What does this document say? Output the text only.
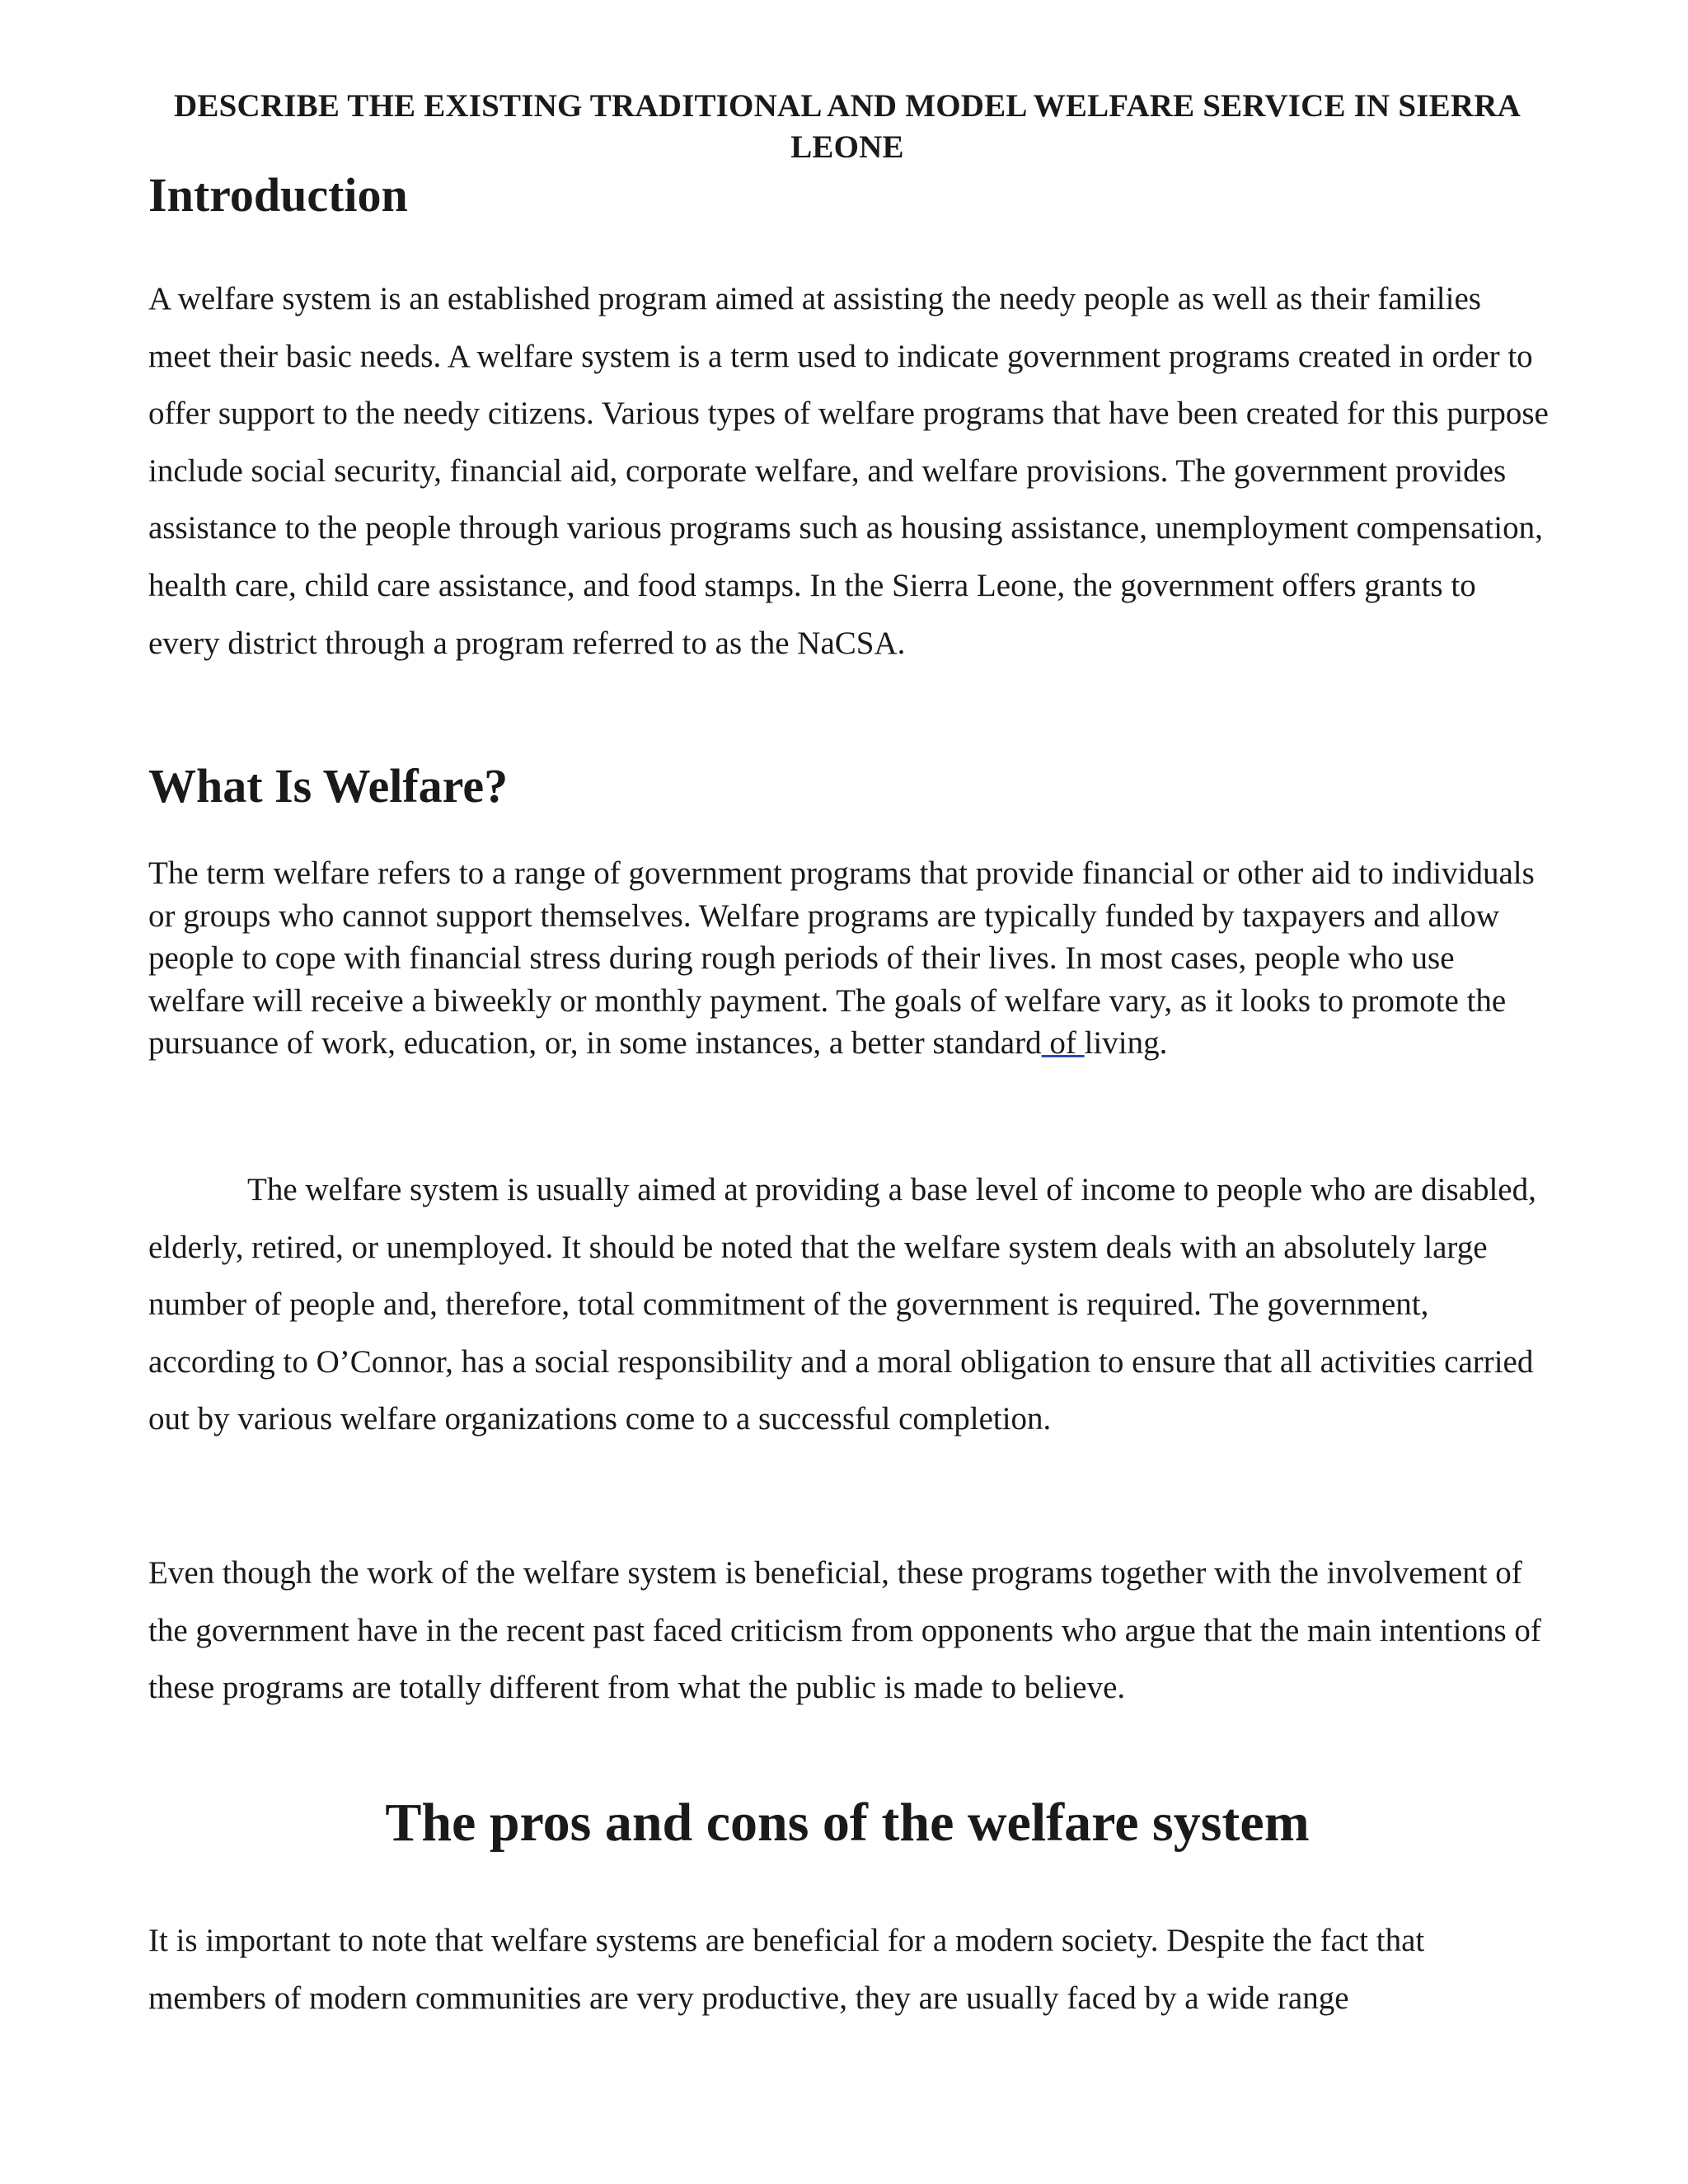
DESCRIBE THE EXISTING TRADITIONAL AND MODEL WELFARE SERVICE IN SIERRA LEONE
Introduction

A welfare system is an established program aimed at assisting the needy people as well as their families meet their basic needs. A welfare system is a term used to indicate government programs created in order to offer support to the needy citizens. Various types of welfare programs that have been created for this purpose include social security, financial aid, corporate welfare, and welfare provisions. The government provides assistance to the people through various programs such as housing assistance, unemployment compensation, health care, child care assistance, and food stamps. In the Sierra Leone, the government offers grants to every district through a program referred to as the NaCSA.

What Is Welfare?

The term welfare refers to a range of government programs that provide financial or other aid to individuals or groups who cannot support themselves. Welfare programs are typically funded by taxpayers and allow people to cope with financial stress during rough periods of their lives. In most cases, people who use welfare will receive a biweekly or monthly payment. The goals of welfare vary, as it looks to promote the pursuance of work, education, or, in some instances, a better standard of living.

The welfare system is usually aimed at providing a base level of income to people who are disabled, elderly, retired, or unemployed. It should be noted that the welfare system deals with an absolutely large number of people and, therefore, total commitment of the government is required. The government, according to O’Connor, has a social responsibility and a moral obligation to ensure that all activities carried out by various welfare organizations come to a successful completion.

Even though the work of the welfare system is beneficial, these programs together with the involvement of the government have in the recent past faced criticism from opponents who argue that the main intentions of these programs are totally different from what the public is made to believe.

The pros and cons of the welfare system

It is important to note that welfare systems are beneficial for a modern society. Despite the fact that members of modern communities are very productive, they are usually faced by a wide range
